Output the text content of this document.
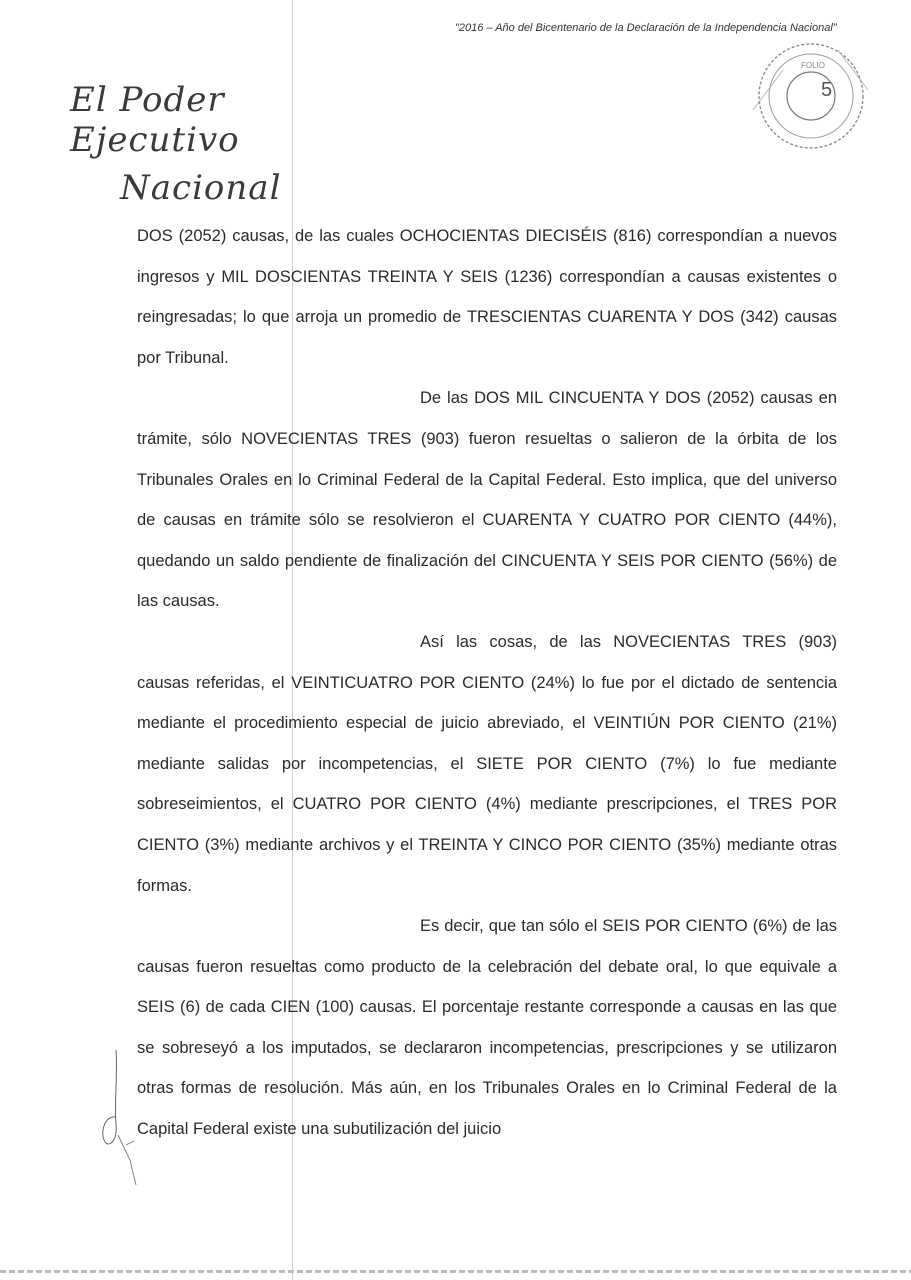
"2016 – Año del Bicentenario de la Declaración de la Independencia Nacional"
El Poder Ejecutivo
Nacional
FOLIO
5

DOS (2052) causas, de las cuales OCHOCIENTAS DIECISÉIS (816) correspondían a nuevos ingresos y MIL DOSCIENTAS TREINTA Y SEIS (1236) correspondían a causas existentes o reingresadas; lo que arroja un promedio de TRESCIENTAS CUARENTA Y DOS (342) causas por Tribunal.

De las DOS MIL CINCUENTA Y DOS (2052) causas en trámite, sólo NOVECIENTAS TRES (903) fueron resueltas o salieron de la órbita de los Tribunales Orales en lo Criminal Federal de la Capital Federal. Esto implica, que del universo de causas en trámite sólo se resolvieron el CUARENTA Y CUATRO POR CIENTO (44%), quedando un saldo pendiente de finalización del CINCUENTA Y SEIS POR CIENTO (56%) de las causas.

Así las cosas, de las NOVECIENTAS TRES (903) causas referidas, el VEINTICUATRO POR CIENTO (24%) lo fue por el dictado de sentencia mediante el procedimiento especial de juicio abreviado, el VEINTIÚN POR CIENTO (21%) mediante salidas por incompetencias, el SIETE POR CIENTO (7%) lo fue mediante sobreseimientos, el CUATRO POR CIENTO (4%) mediante prescripciones, el TRES POR CIENTO (3%) mediante archivos y el TREINTA Y CINCO POR CIENTO (35%) mediante otras formas.

Es decir, que tan sólo el SEIS POR CIENTO (6%) de las causas fueron resueltas como producto de la celebración del debate oral, lo que equivale a SEIS (6) de cada CIEN (100) causas. El porcentaje restante corresponde a causas en las que se sobreseyó a los imputados, se declararon incompetencias, prescripciones y se utilizaron otras formas de resolución. Más aún, en los Tribunales Orales en lo Criminal Federal de la Capital Federal existe una subutilización del juicio
